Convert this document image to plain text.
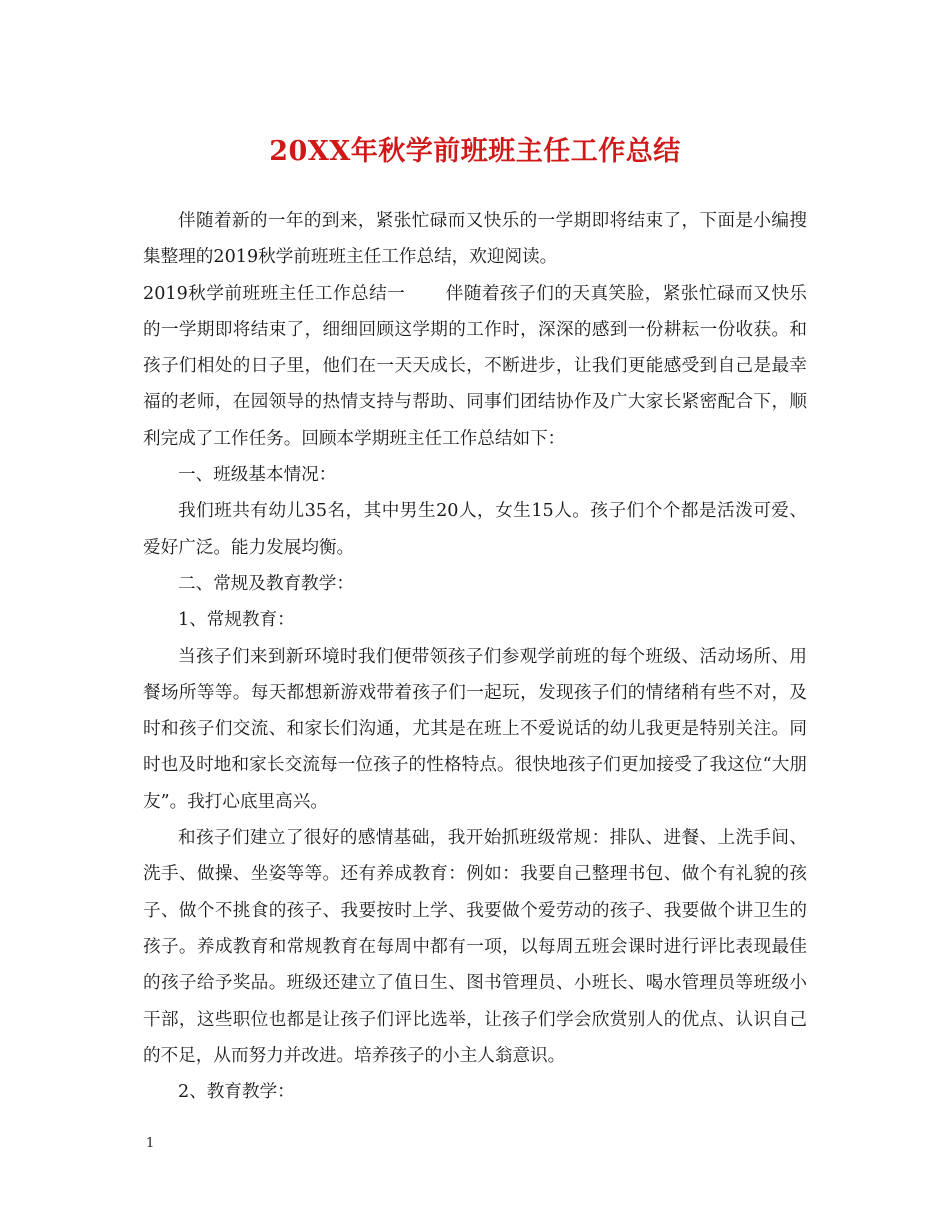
20XX年秋学前班班主任工作总结

伴随着新的一年的到来，紧张忙碌而又快乐的一学期即将结束了，下面是小编搜集整理的2019秋学前班班主任工作总结，欢迎阅读。

2019秋学前班班主任工作总结一 伴随着孩子们的天真笑脸，紧张忙碌而又快乐的一学期即将结束了，细细回顾这学期的工作时，深深的感到一份耕耘一份收获。和孩子们相处的日子里，他们在一天天成长，不断进步，让我们更能感受到自己是最幸福的老师，在园领导的热情支持与帮助、同事们团结协作及广大家长紧密配合下，顺利完成了工作任务。回顾本学期班主任工作总结如下：

一、班级基本情况：

我们班共有幼儿35名，其中男生20人，女生15人。孩子们个个都是活泼可爱、爱好广泛。能力发展均衡。

二、常规及教育教学：

1、常规教育：

当孩子们来到新环境时我们便带领孩子们参观学前班的每个班级、活动场所、用餐场所等等。每天都想新游戏带着孩子们一起玩，发现孩子们的情绪稍有些不对，及时和孩子们交流、和家长们沟通，尤其是在班上不爱说话的幼儿我更是特别关注。同时也及时地和家长交流每一位孩子的性格特点。很快地孩子们更加接受了我这位“大朋友”。我打心底里高兴。

和孩子们建立了很好的感情基础，我开始抓班级常规：排队、进餐、上洗手间、洗手、做操、坐姿等等。还有养成教育：例如：我要自己整理书包、做个有礼貌的孩子、做个不挑食的孩子、我要按时上学、我要做个爱劳动的孩子、我要做个讲卫生的孩子。养成教育和常规教育在每周中都有一项，以每周五班会课时进行评比表现最佳的孩子给予奖品。班级还建立了值日生、图书管理员、小班长、喝水管理员等班级小干部，这些职位也都是让孩子们评比选举，让孩子们学会欣赏别人的优点、认识自己的不足，从而努力并改进。培养孩子的小主人翁意识。

2、教育教学：

1
